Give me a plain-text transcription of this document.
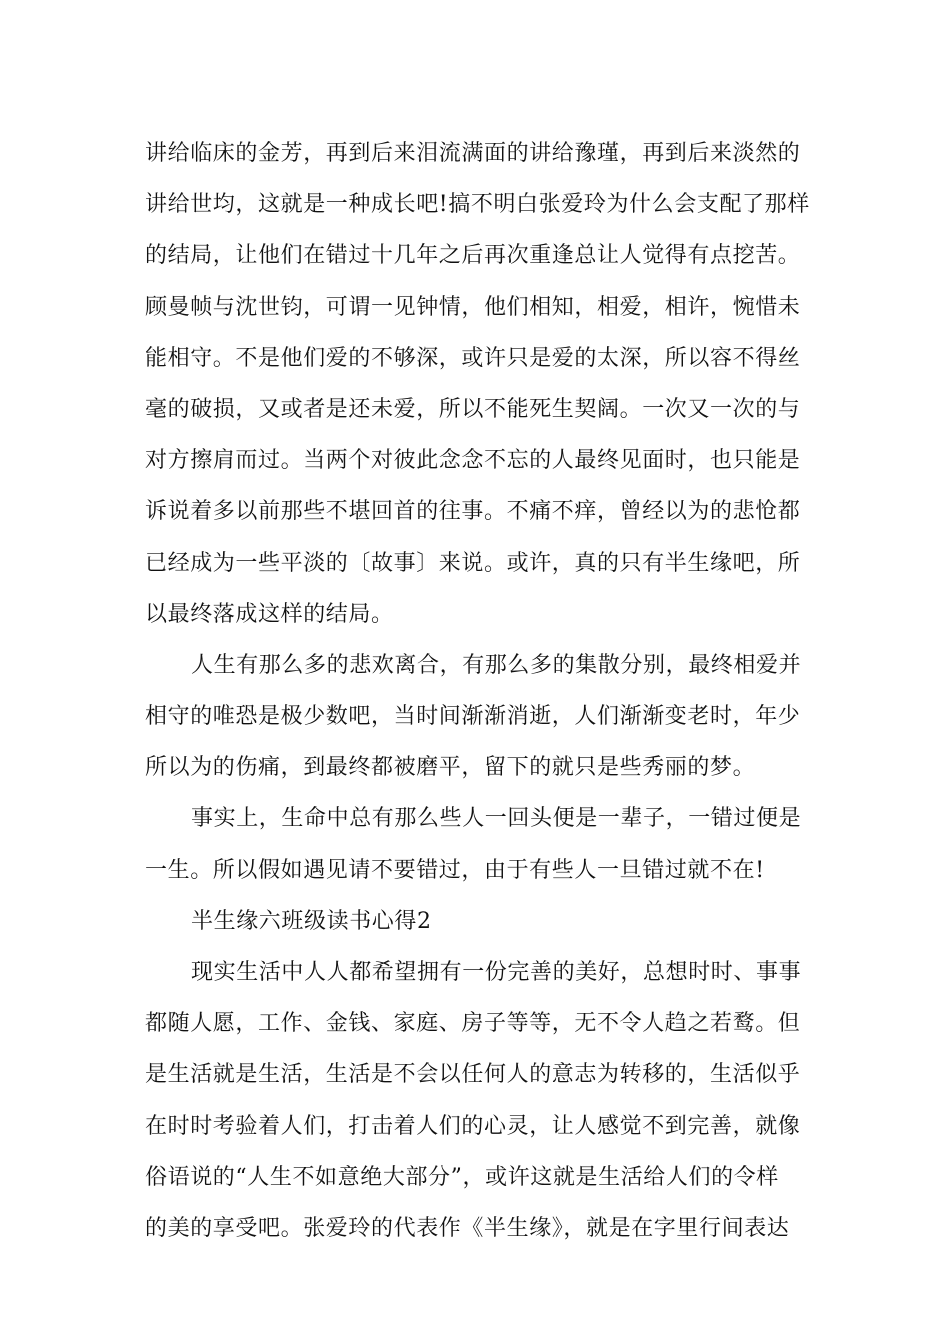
讲给临床的金芳，再到后来泪流满面的讲给豫瑾，再到后来淡然的
讲给世均，这就是一种成长吧!搞不明白张爱玲为什么会支配了那样
的结局，让他们在错过十几年之后再次重逢总让人觉得有点挖苦。
顾曼帧与沈世钧，可谓一见钟情，他们相知，相爱，相许，惋惜未
能相守。不是他们爱的不够深，或许只是爱的太深，所以容不得丝
毫的破损，又或者是还未爱，所以不能死生契阔。一次又一次的与
对方擦肩而过。当两个对彼此念念不忘的人最终见面时，也只能是
诉说着多以前那些不堪回首的往事。不痛不痒，曾经以为的悲怆都
已经成为一些平淡的〔故事〕来说。或许，真的只有半生缘吧，所
以最终落成这样的结局。
人生有那么多的悲欢离合，有那么多的集散分别，最终相爱并
相守的唯恐是极少数吧，当时间渐渐消逝，人们渐渐变老时，年少
所以为的伤痛，到最终都被磨平，留下的就只是些秀丽的梦。
事实上，生命中总有那么些人一回头便是一辈子，一错过便是
一生。所以假如遇见请不要错过，由于有些人一旦错过就不在!
半生缘六班级读书心得2
现实生活中人人都希望拥有一份完善的美好，总想时时、事事
都随人愿，工作、金钱、家庭、房子等等，无不令人趋之若鹜。但
是生活就是生活，生活是不会以任何人的意志为转移的，生活似乎
在时时考验着人们，打击着人们的心灵，让人感觉不到完善，就像
俗语说的“人生不如意绝大部分”，或许这就是生活给人们的令样
的美的享受吧。张爱玲的代表作《半生缘》，就是在字里行间表达
